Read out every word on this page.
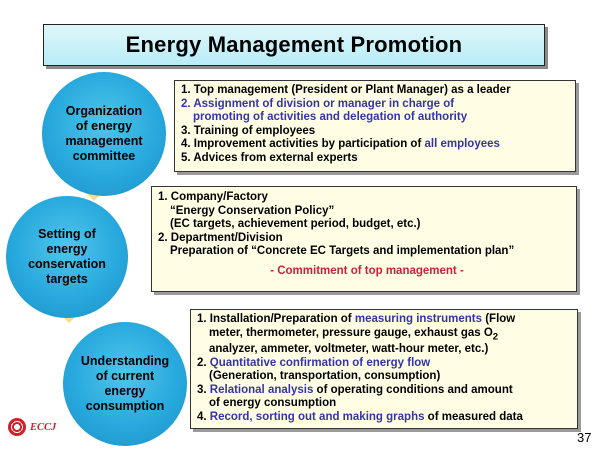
Energy Management Promotion
Organization
of energy
management
committee
Setting of
energy
conservation
targets
Understanding
of current
energy
consumption
1. Top management (President or Plant Manager) as a leader
2. Assignment of division or manager in charge of
promoting of activities and delegation of authority
3. Training of employees
4. Improvement activities by participation of all employees
5. Advices from external experts
1. Company/Factory
“Energy Conservation Policy”
(EC targets, achievement period, budget, etc.)
2. Department/Division
Preparation of “Concrete EC Targets and implementation plan”
- Commitment of top management -
1. Installation/Preparation of measuring instruments (Flow
meter, thermometer, pressure gauge, exhaust gas $O_2$
analyzer, ammeter, voltmeter, watt-hour meter, etc.)
2. Quantitative confirmation of energy flow
(Generation, transportation, consumption)
3. Relational analysis of operating conditions and amount
of energy consumption
4. Record, sorting out and making graphs of measured data
ECCJ
37
